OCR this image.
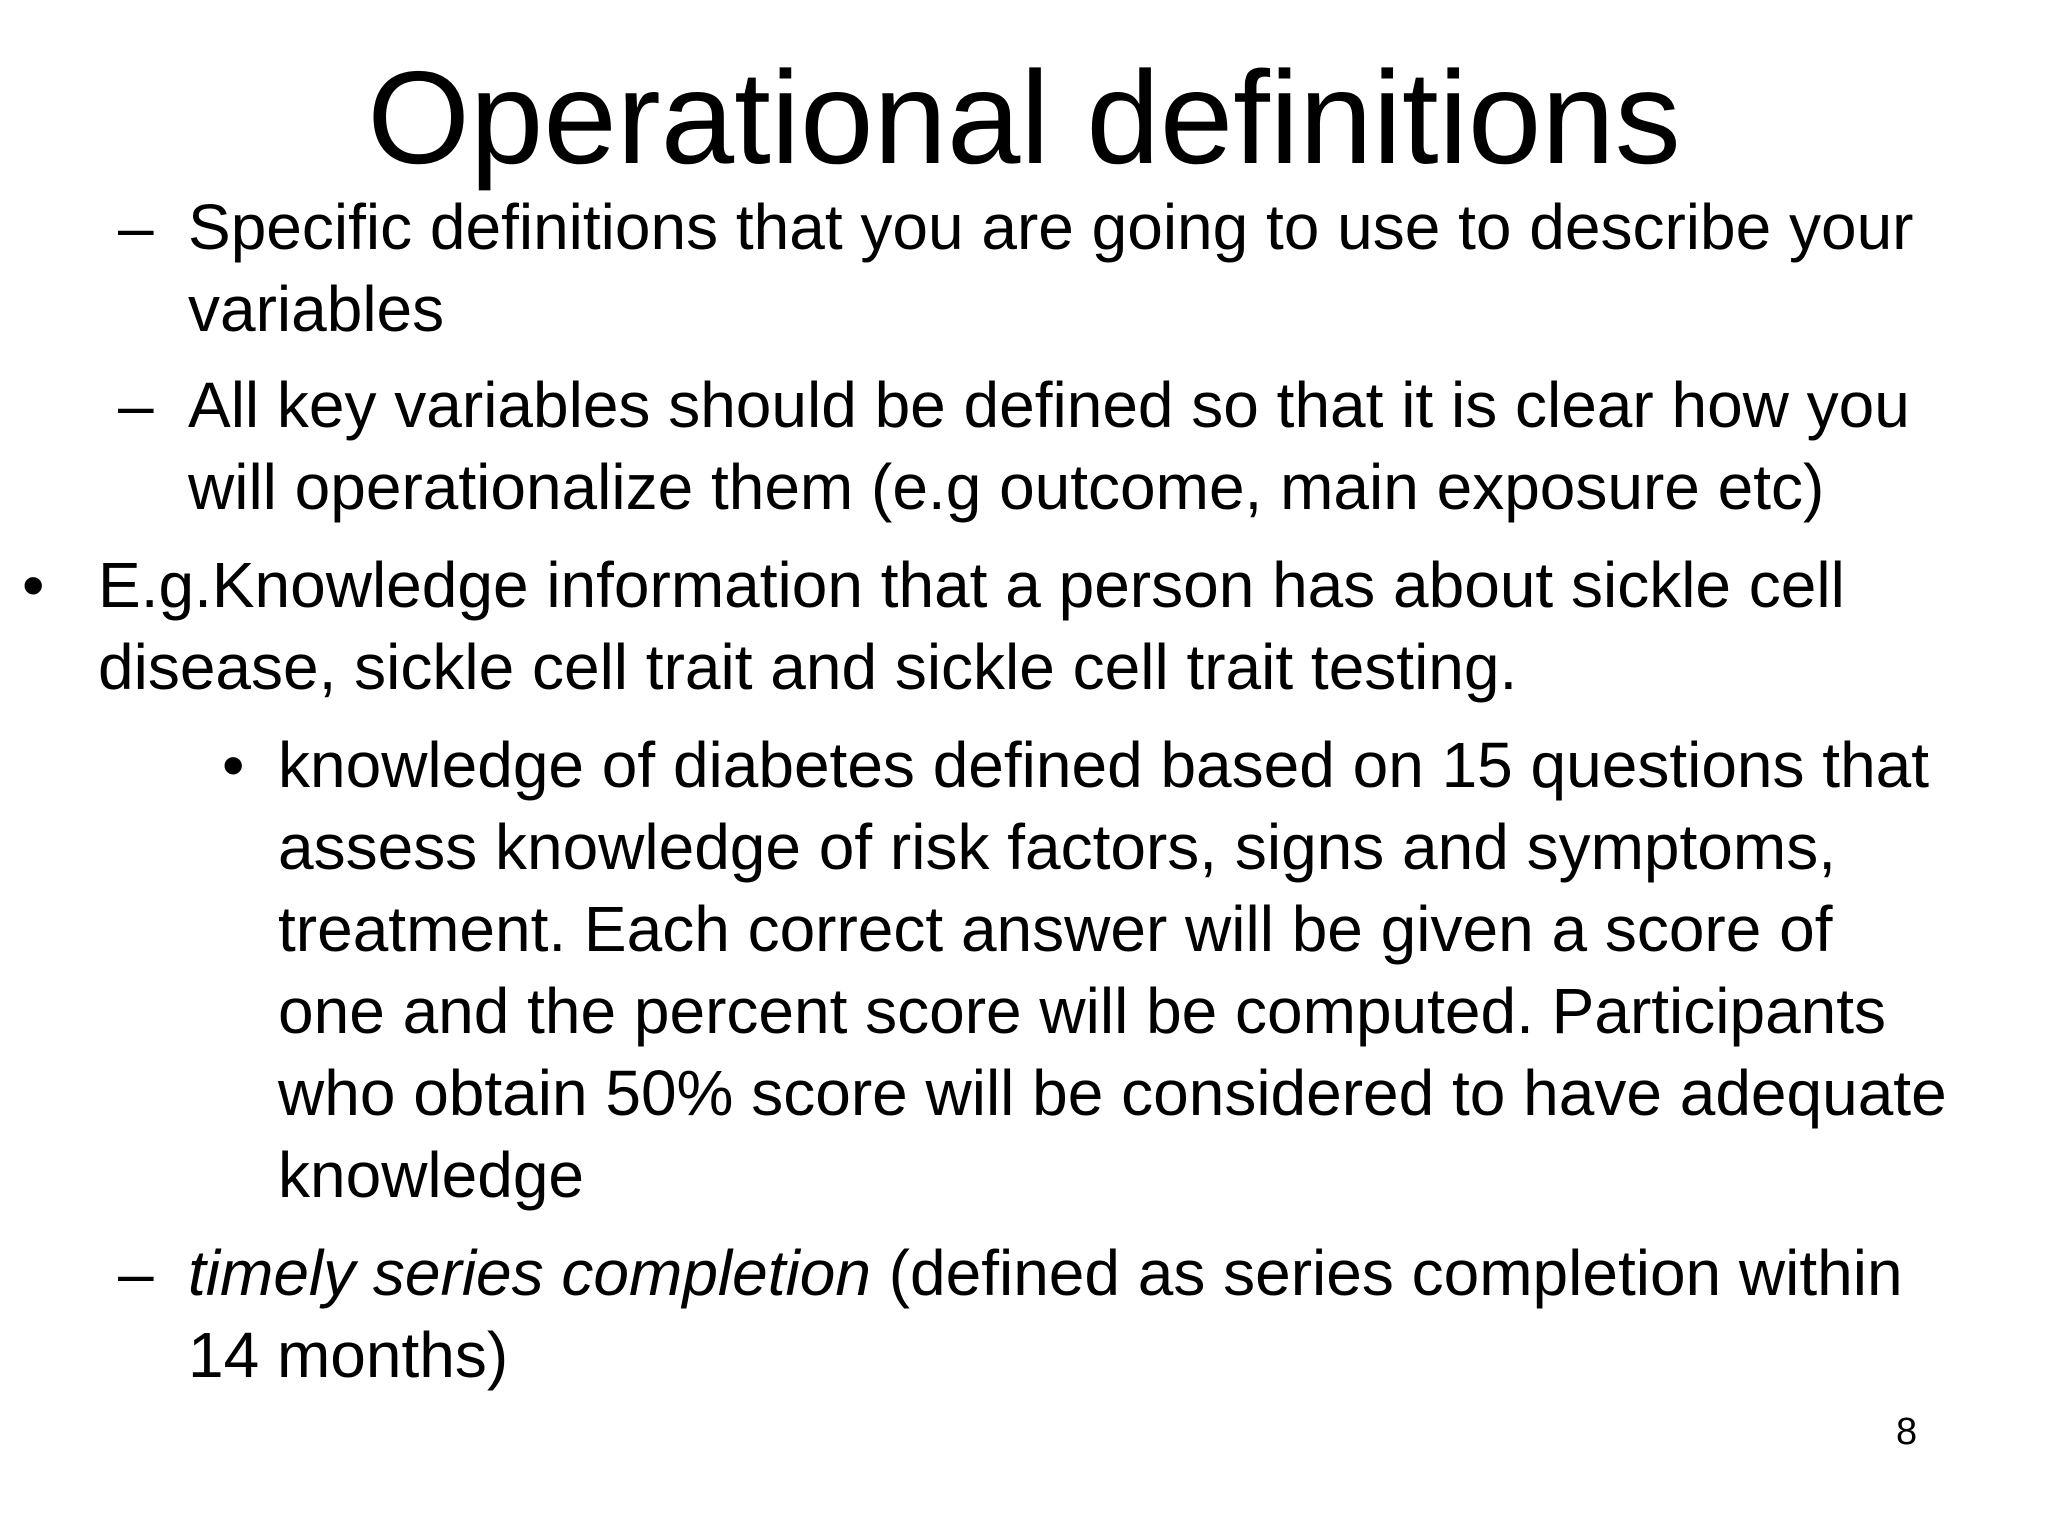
Operational definitions
– Specific definitions that you are going to use to describe your
variables
– All key variables should be defined so that it is clear how you
will operationalize them (e.g outcome, main exposure etc)
• E.g.Knowledge information that a person has about sickle cell
disease, sickle cell trait and sickle cell trait testing.
• knowledge of diabetes defined based on 15 questions that
assess knowledge of risk factors, signs and symptoms,
treatment. Each correct answer will be given a score of
one and the percent score will be computed. Participants
who obtain 50% score will be considered to have adequate
knowledge
– timely series completion (defined as series completion within
14 months)
8
